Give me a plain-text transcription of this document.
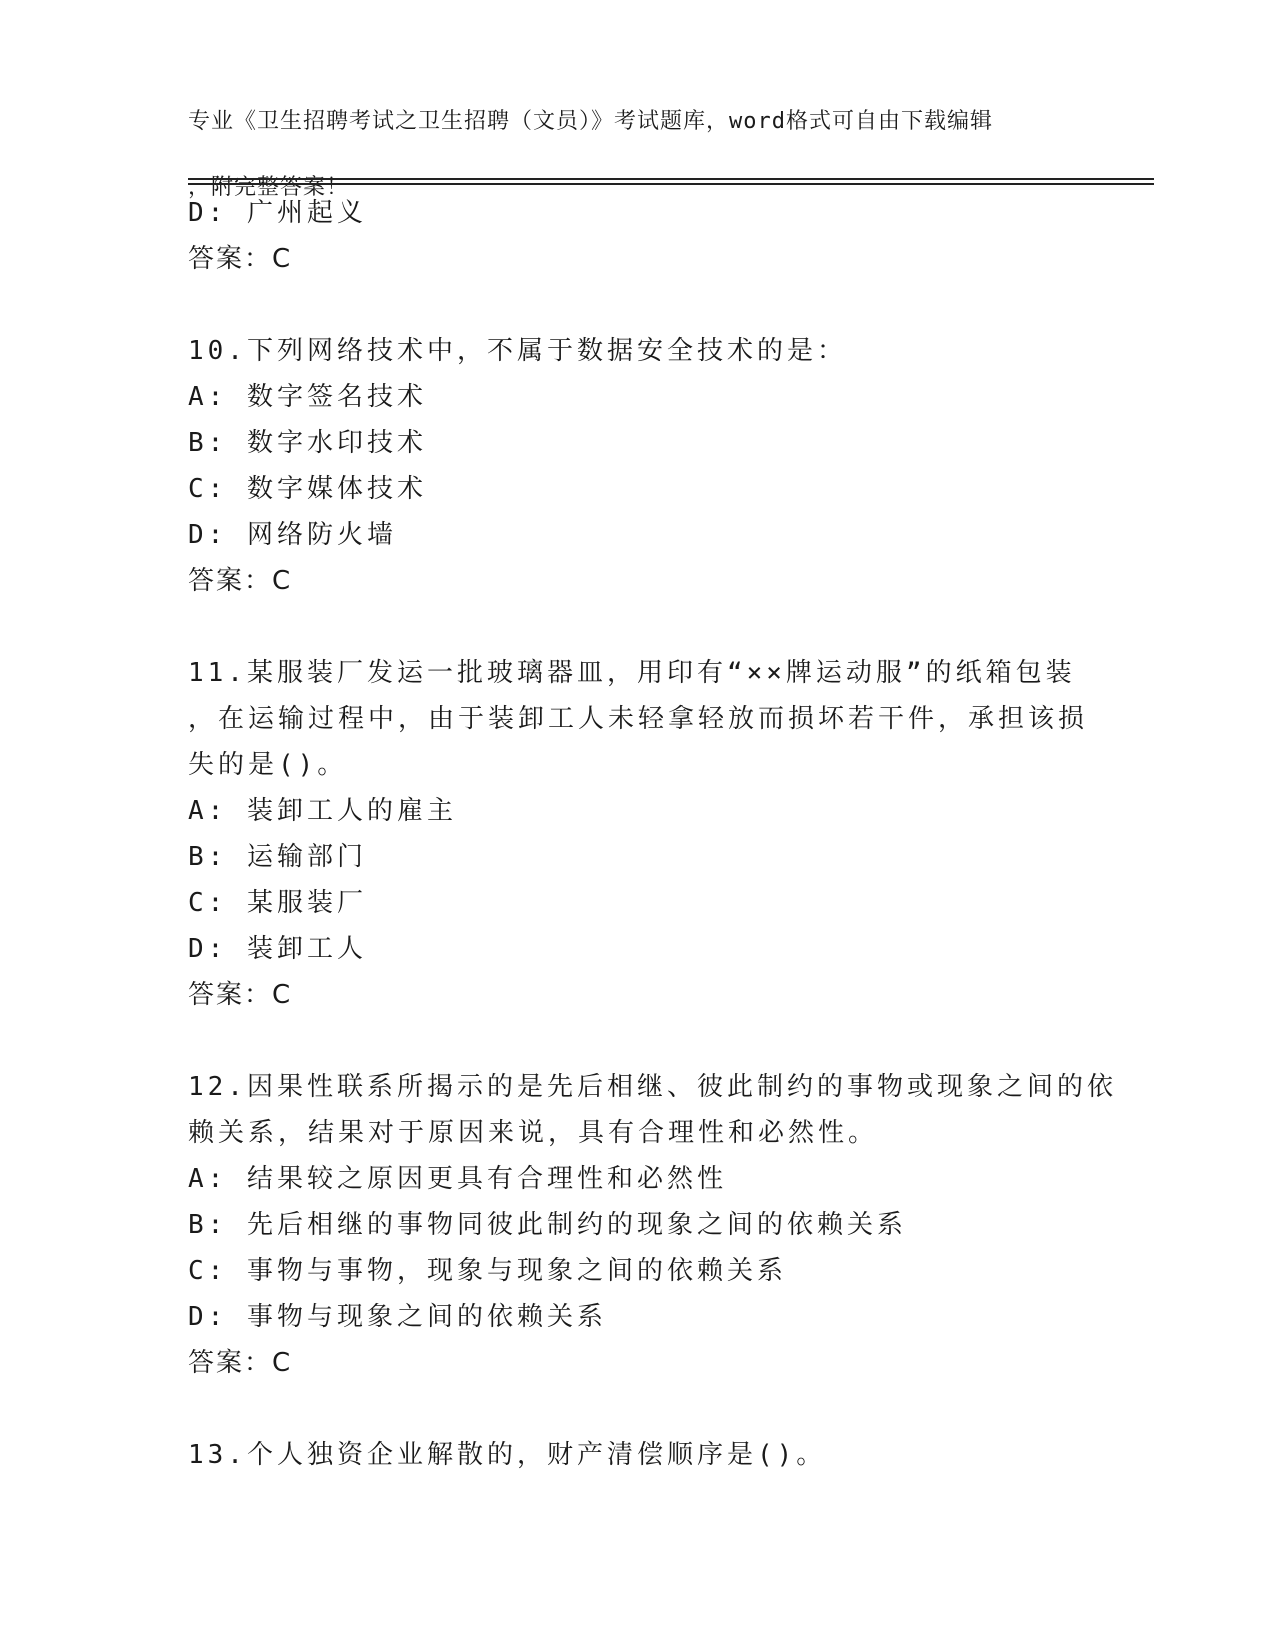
专业《卫生招聘考试之卫生招聘（文员）》考试题库，word格式可自由下载编辑

，附完整答案！

D: 广州起义
答案：C
10.下列网络技术中，不属于数据安全技术的是：
A: 数字签名技术
B: 数字水印技术
C: 数字媒体技术
D: 网络防火墙
答案：C
11.某服装厂发运一批玻璃器皿，用印有“××牌运动服”的纸箱包装
，在运输过程中，由于装卸工人未轻拿轻放而损坏若干件，承担该损
失的是()。
A: 装卸工人的雇主
B: 运输部门
C: 某服装厂
D: 装卸工人
答案：C
12.因果性联系所揭示的是先后相继、彼此制约的事物或现象之间的依
赖关系，结果对于原因来说，具有合理性和必然性。
A: 结果较之原因更具有合理性和必然性
B: 先后相继的事物同彼此制约的现象之间的依赖关系
C: 事物与事物，现象与现象之间的依赖关系
D: 事物与现象之间的依赖关系
答案：C
13.个人独资企业解散的，财产清偿顺序是()。
